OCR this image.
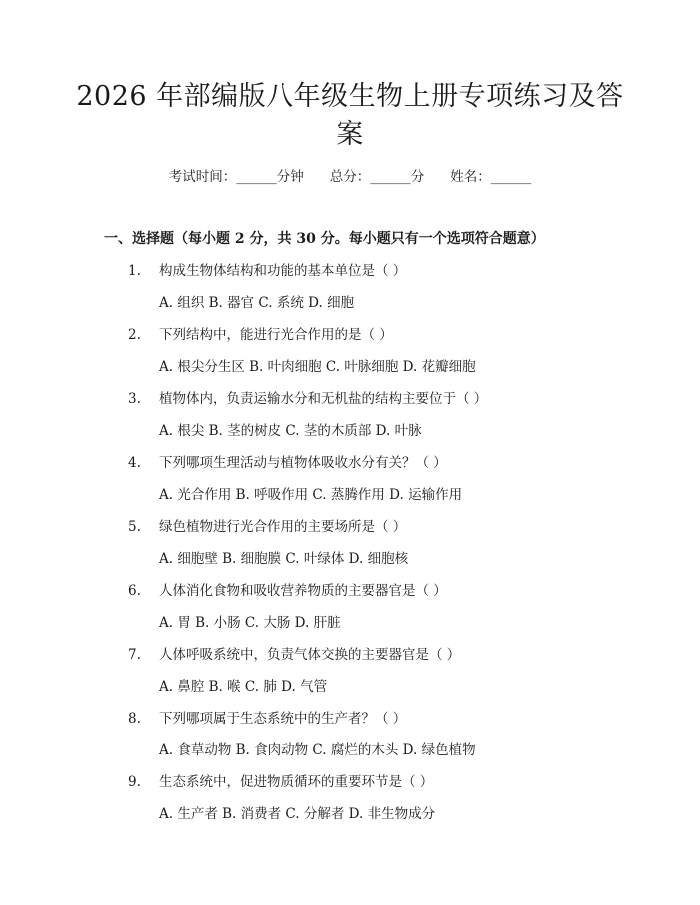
2026 年部编版八年级生物上册专项练习及答
案
考试时间：______分钟 总分：______分 姓名：______
一、选择题（每小题 2 分，共 30 分。每小题只有一个选项符合题意）
1. 构成生物体结构和功能的基本单位是（ ）
A. 组织 B. 器官 C. 系统 D. 细胞
2. 下列结构中，能进行光合作用的是（ ）
A. 根尖分生区 B. 叶肉细胞 C. 叶脉细胞 D. 花瓣细胞
3. 植物体内，负责运输水分和无机盐的结构主要位于（ ）
A. 根尖 B. 茎的树皮 C. 茎的木质部 D. 叶脉
4. 下列哪项生理活动与植物体吸收水分有关？（ ）
A. 光合作用 B. 呼吸作用 C. 蒸腾作用 D. 运输作用
5. 绿色植物进行光合作用的主要场所是（ ）
A. 细胞壁 B. 细胞膜 C. 叶绿体 D. 细胞核
6. 人体消化食物和吸收营养物质的主要器官是（ ）
A. 胃 B. 小肠 C. 大肠 D. 肝脏
7. 人体呼吸系统中，负责气体交换的主要器官是（ ）
A. 鼻腔 B. 喉 C. 肺 D. 气管
8. 下列哪项属于生态系统中的生产者？（ ）
A. 食草动物 B. 食肉动物 C. 腐烂的木头 D. 绿色植物
9. 生态系统中，促进物质循环的重要环节是（ ）
A. 生产者 B. 消费者 C. 分解者 D. 非生物成分
